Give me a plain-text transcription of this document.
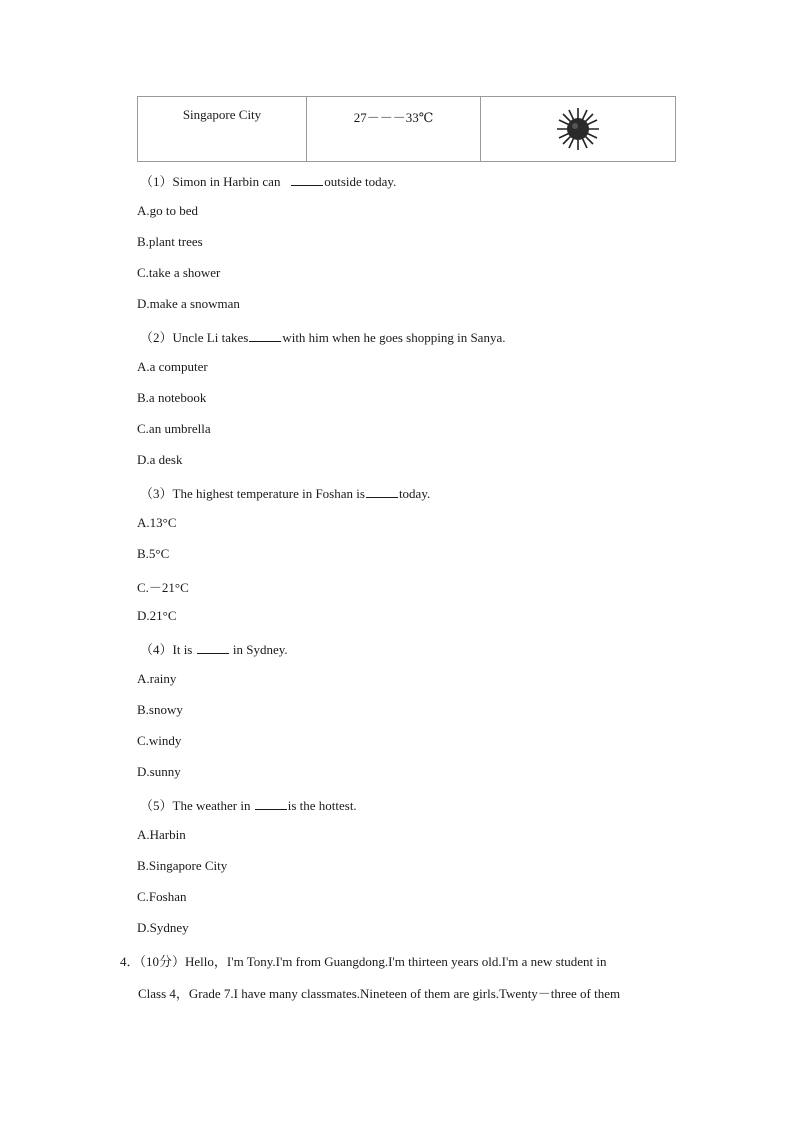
Singapore City	27－－－33℃	
（1）Simon in Harbin can	outside today.
A.go to bed
B.plant trees
C.take a shower
D.make a snowman
（2）Uncle Li takes	with him when he goes shopping in Sanya.
A.a computer
B.a notebook
C.an umbrella
D.a desk
（3）The highest temperature in Foshan is	today.
A.13°C
B.5°C
C.－21°C
D.21°C
（4）It is	in Sydney.
A.rainy
B.snowy
C.windy
D.sunny
（5）The weather in	is the hottest.
A.Harbin
B.Singapore City
C.Foshan
D.Sydney
4．（10分）Hello，I'm Tony.I'm from Guangdong.I'm thirteen years old.I'm a new student in
Class 4，Grade 7.I have many classmates.Nineteen of them are girls.Twenty－three of them
